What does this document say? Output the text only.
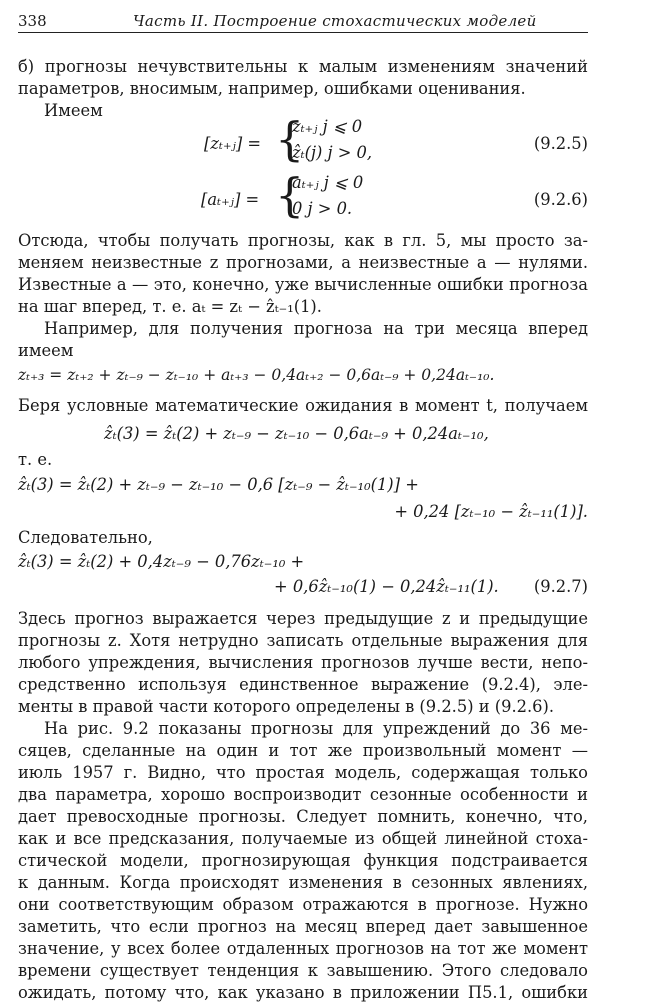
338	Часть II. Построение стохастических моделей
б) прогнозы нечувствительны к малым изменениям значений
параметров, вносимым, например, ошибками оценивания.
Имеем
[zₜ₊ⱼ] = {
zₜ₊ⱼ j ⩽ 0
ẑₜ(j) j > 0,	(9.2.5)
[aₜ₊ⱼ] = {
aₜ₊ⱼ j ⩽ 0
0 j > 0.	(9.2.6)
Отсюда, чтобы получать прогнозы, как в гл. 5, мы просто за-
меняем неизвестные z прогнозами, а неизвестные a — нулями.
Известные a — это, конечно, уже вычисленные ошибки прогноза
на шаг вперед, т. е. aₜ = zₜ − ẑₜ₋₁(1).
Например, для получения прогноза на три месяца вперед
имеем
zₜ₊₃ = zₜ₊₂ + zₜ₋₉ − zₜ₋₁₀ + aₜ₊₃ − 0,4aₜ₊₂ − 0,6aₜ₋₉ + 0,24aₜ₋₁₀.
Беря условные математические ожидания в момент t, получаем
ẑₜ(3) = ẑₜ(2) + zₜ₋₉ − zₜ₋₁₀ − 0,6aₜ₋₉ + 0,24aₜ₋₁₀,
т. е.
ẑₜ(3) = ẑₜ(2) + zₜ₋₉ − zₜ₋₁₀ − 0,6 [zₜ₋₉ − ẑₜ₋₁₀(1)] +
+ 0,24 [zₜ₋₁₀ − ẑₜ₋₁₁(1)].
Следовательно,
ẑₜ(3) = ẑₜ(2) + 0,4zₜ₋₉ − 0,76zₜ₋₁₀ +
+ 0,6ẑₜ₋₁₀(1) − 0,24ẑₜ₋₁₁(1). (9.2.7)
Здесь прогноз выражается через предыдущие z и предыдущие
прогнозы z. Хотя нетрудно записать отдельные выражения для
любого упреждения, вычисления прогнозов лучше вести, непо-
средственно используя единственное выражение (9.2.4), эле-
менты в правой части которого определены в (9.2.5) и (9.2.6).
На рис. 9.2 показаны прогнозы для упреждений до 36 ме-
сяцев, сделанные на один и тот же произвольный момент —
июль 1957 г. Видно, что простая модель, содержащая только
два параметра, хорошо воспроизводит сезонные особенности и
дает превосходные прогнозы. Следует помнить, конечно, что,
как и все предсказания, получаемые из общей линейной стоха-
стической модели, прогнозирующая функция подстраивается
к данным. Когда происходят изменения в сезонных явлениях,
они соответствующим образом отражаются в прогнозе. Нужно
заметить, что если прогноз на месяц вперед дает завышенное
значение, у всех более отдаленных прогнозов на тот же момент
времени существует тенденция к завышению. Этого следовало
ожидать, потому что, как указано в приложении П5.1, ошибки
